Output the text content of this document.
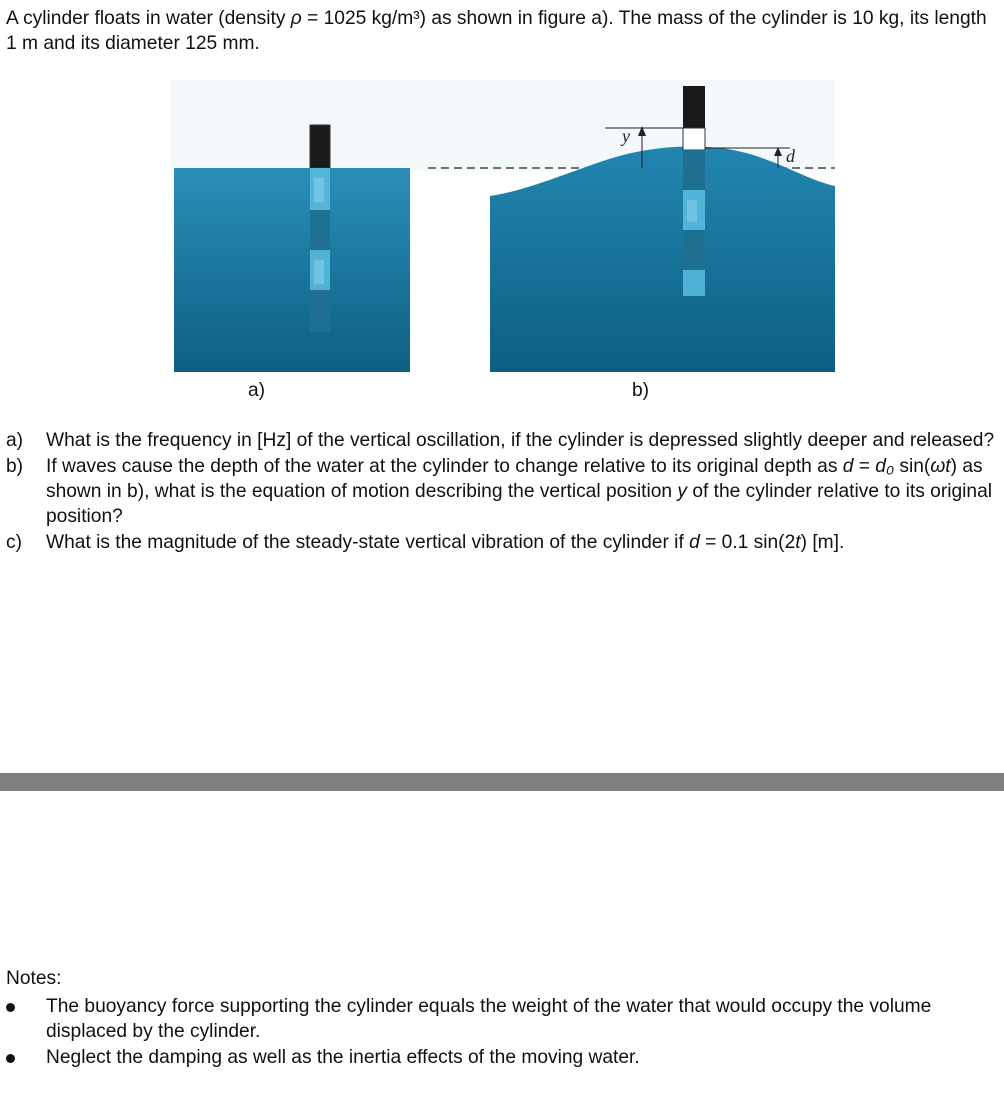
A cylinder floats in water (density ρ = 1025 kg/m³) as shown in figure a). The mass of the cylinder is 10 kg, its length 1 m and its diameter 125 mm.
y
d
a)	b)
a) What is the frequency in [Hz] of the vertical oscillation, if the cylinder is depressed slightly deeper and released?
b) If waves cause the depth of the water at the cylinder to change relative to its original depth as d = d₀ sin(ωt) as shown in b), what is the equation of motion describing the vertical position y of the cylinder relative to its original position?
c) What is the magnitude of the steady-state vertical vibration of the cylinder if d = 0.1 sin(2t) [m].
Notes:
The buoyancy force supporting the cylinder equals the weight of the water that would occupy the volume displaced by the cylinder.
Neglect the damping as well as the inertia effects of the moving water.
